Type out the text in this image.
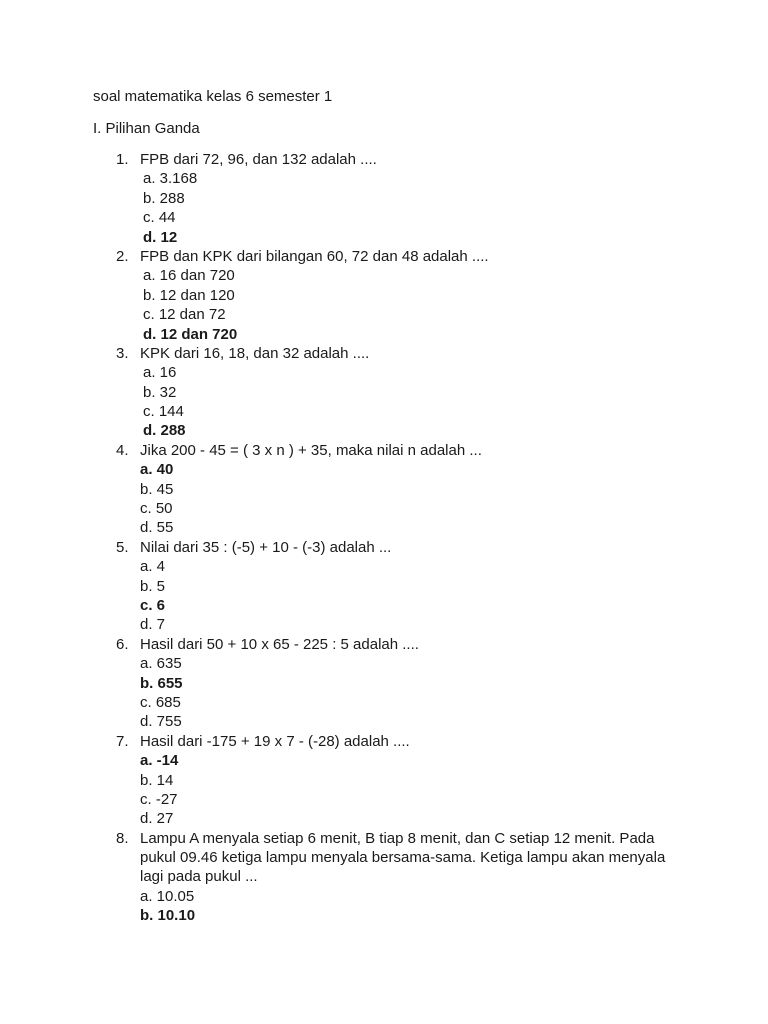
soal matematika kelas 6 semester 1
I. Pilihan Ganda
1. FPB dari 72, 96, dan 132 adalah ....
a. 3.168
b. 288
c. 44
d. 12
2. FPB dan KPK dari bilangan 60, 72 dan 48 adalah ....
a. 16 dan 720
b. 12 dan 120
c. 12 dan 72
d. 12 dan 720
3. KPK dari 16, 18, dan 32 adalah ....
a. 16
b. 32
c. 144
d. 288
4. Jika 200 - 45 = ( 3 x n ) + 35, maka nilai n adalah ...
a. 40
b. 45
c. 50
d. 55
5. Nilai dari 35 : (-5) + 10 - (-3) adalah ...
a. 4
b. 5
c. 6
d. 7
6. Hasil dari 50 + 10 x 65 - 225 : 5 adalah ....
a. 635
b. 655
c. 685
d. 755
7. Hasil dari -175 + 19 x 7 - (-28) adalah ....
a. -14
b. 14
c. -27
d. 27
8. Lampu A menyala setiap 6 menit, B tiap 8 menit, dan C setiap 12 menit. Pada pukul 09.46 ketiga lampu menyala bersama-sama. Ketiga lampu akan menyala lagi pada pukul ...
a. 10.05
b. 10.10
